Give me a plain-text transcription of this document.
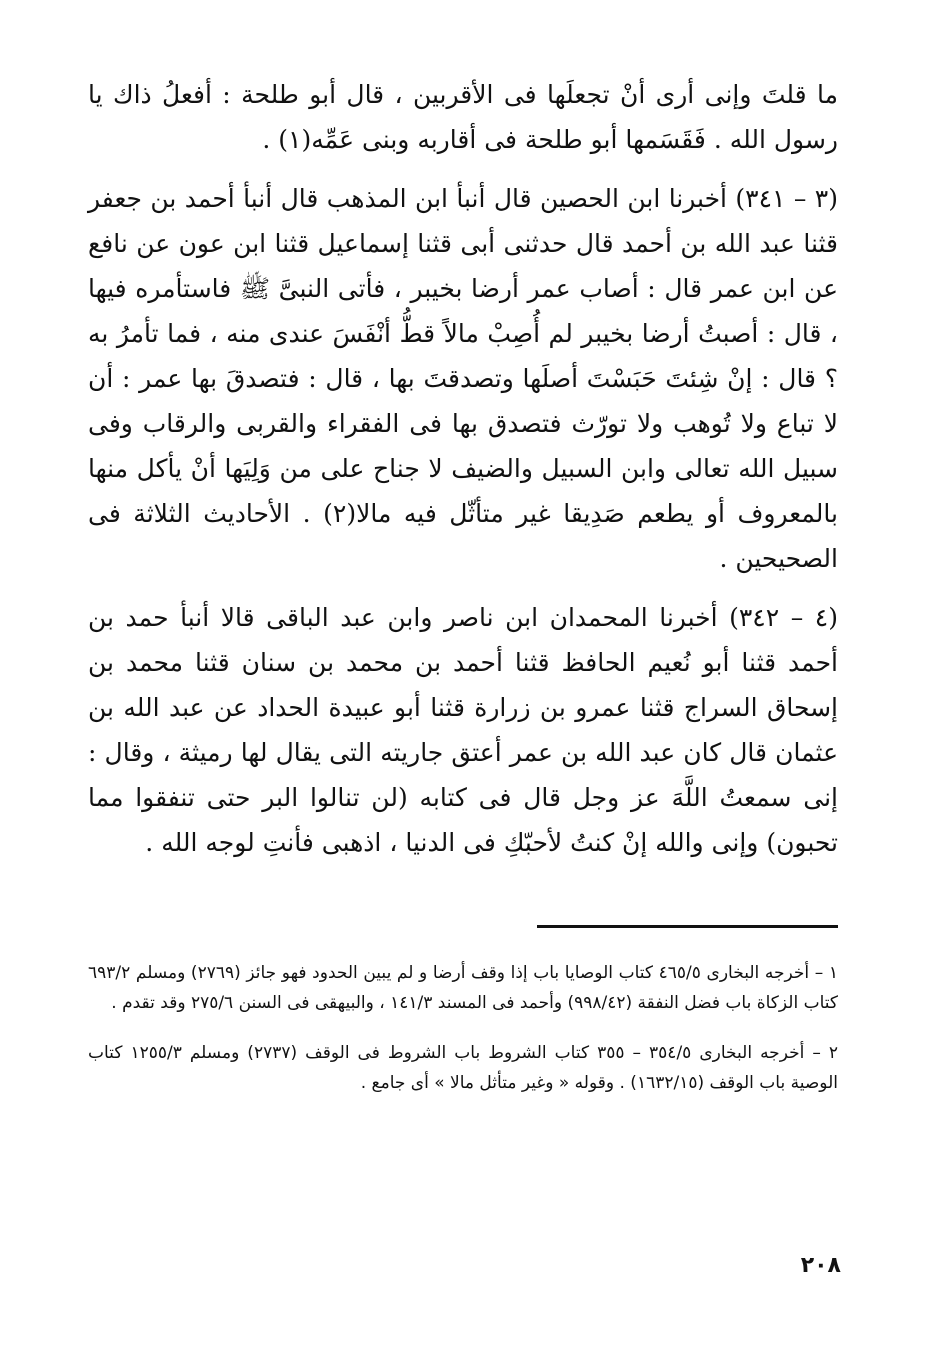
ما قلتَ وإنى أرى أنْ تجعلَها فى الأقربين ، قال أبو طلحة : أفعلُ ذاك يا رسول الله . فَقَسَمها أبو طلحة فى أقاربه وبنى عَمِّه(١) .

(٣ – ٣٤١) أخبرنا ابن الحصين قال أنبأ ابن المذهب قال أنبأ أحمد بن جعفر قثنا عبد الله بن أحمد قال حدثنى أبى قثنا إسماعيل قثنا ابن عون عن نافع عن ابن عمر قال : أصاب عمر أرضا بخيبر ، فأتى النبىَّ ﷺ فاستأمره فيها ، قال : أصبتُ أرضا بخيبر لم أُصِبْ مالاً قطُّ أنْفَسَ عندى منه ، فما تأمرُ به ؟ قال : إنْ شِئتَ حَبَسْتَ أصلَها وتصدقتَ بها ، قال : فتصدقَ بها عمر : أن لا تباع ولا تُوهب ولا تورّث فتصدق بها فى الفقراء والقربى والرقاب وفى سبيل الله تعالى وابن السبيل والضيف لا جناح على من وَلِيَها أنْ يأكل منها بالمعروف أو يطعم صَدِيقا غير متأثّل فيه مالا(٢) . الأحاديث الثلاثة فى الصحيحين .

(٤ – ٣٤٢) أخبرنا المحمدان ابن ناصر وابن عبد الباقى قالا أنبأ حمد بن أحمد قثنا أبو نُعيم الحافظ قثنا أحمد بن محمد بن سنان قثنا محمد بن إسحاق السراج قثنا عمرو بن زرارة قثنا أبو عبيدة الحداد عن عبد الله بن عثمان قال كان عبد الله بن عمر أعتق جاريته التى يقال لها رميثة ، وقال : إنى سمعتُ اللَّهَ عز وجل قال فى كتابه (لن تنالوا البر حتى تنفقوا مما تحبون) وإنى والله إنْ كنتُ لأحبّكِ فى الدنيا ، اذهبى فأنتِ لوجه الله .

١ – أخرجه البخارى ٤٦٥/٥ كتاب الوصايا باب إذا وقف أرضا و لم يبين الحدود فهو جائز (٢٧٦٩) ومسلم ٦٩٣/٢ كتاب الزكاة باب فضل النفقة (٩٩٨/٤٢) وأحمد فى المسند ١٤١/٣ ، والبيهقى فى السنن ٢٧٥/٦ وقد تقدم .

٢ – أخرجه البخارى ٣٥٤/٥ – ٣٥٥ كتاب الشروط باب الشروط فى الوقف (٢٧٣٧) ومسلم ١٢٥٥/٣ كتاب الوصية باب الوقف (١٦٣٢/١٥) . وقوله « وغير متأثل مالا » أى جامع .

٢٠٨
